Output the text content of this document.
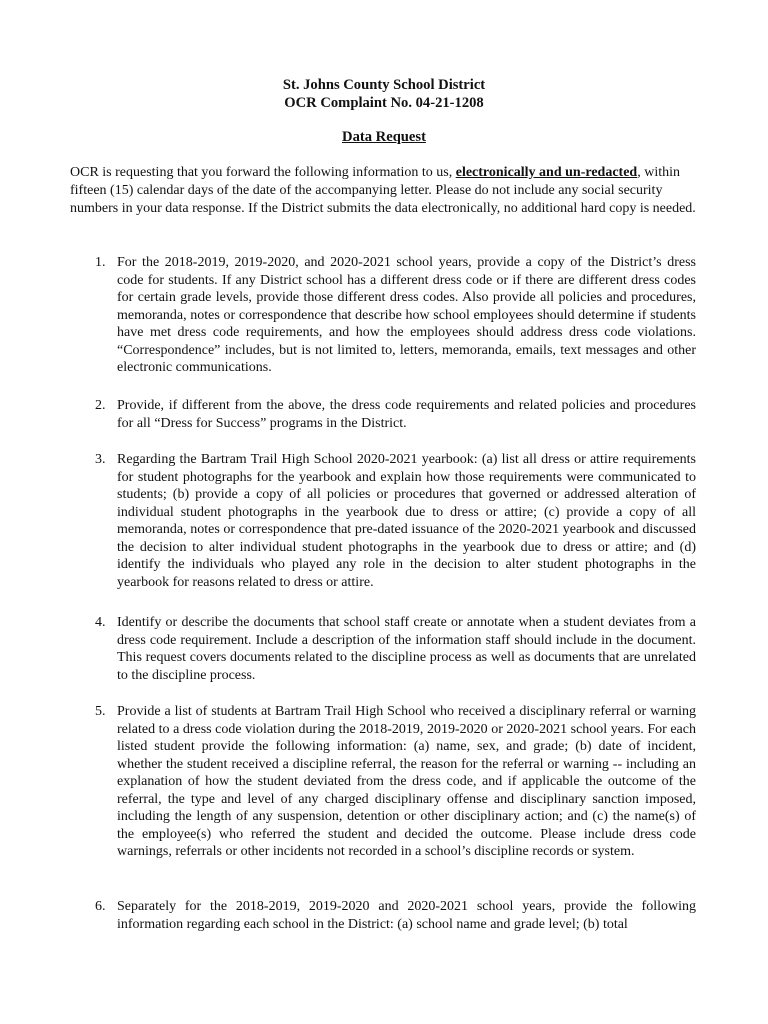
St. Johns County School District
OCR Complaint No. 04-21-1208
Data Request
OCR is requesting that you forward the following information to us, electronically and un-redacted, within fifteen (15) calendar days of the date of the accompanying letter. Please do not include any social security numbers in your data response. If the District submits the data electronically, no additional hard copy is needed.
1. For the 2018-2019, 2019-2020, and 2020-2021 school years, provide a copy of the District’s dress code for students. If any District school has a different dress code or if there are different dress codes for certain grade levels, provide those different dress codes. Also provide all policies and procedures, memoranda, notes or correspondence that describe how school employees should determine if students have met dress code requirements, and how the employees should address dress code violations. “Correspondence” includes, but is not limited to, letters, memoranda, emails, text messages and other electronic communications.
2. Provide, if different from the above, the dress code requirements and related policies and procedures for all “Dress for Success” programs in the District.
3. Regarding the Bartram Trail High School 2020-2021 yearbook: (a) list all dress or attire requirements for student photographs for the yearbook and explain how those requirements were communicated to students; (b) provide a copy of all policies or procedures that governed or addressed alteration of individual student photographs in the yearbook due to dress or attire; (c) provide a copy of all memoranda, notes or correspondence that pre-dated issuance of the 2020-2021 yearbook and discussed the decision to alter individual student photographs in the yearbook due to dress or attire; and (d) identify the individuals who played any role in the decision to alter student photographs in the yearbook for reasons related to dress or attire.
4. Identify or describe the documents that school staff create or annotate when a student deviates from a dress code requirement. Include a description of the information staff should include in the document. This request covers documents related to the discipline process as well as documents that are unrelated to the discipline process.
5. Provide a list of students at Bartram Trail High School who received a disciplinary referral or warning related to a dress code violation during the 2018-2019, 2019-2020 or 2020-2021 school years. For each listed student provide the following information: (a) name, sex, and grade; (b) date of incident, whether the student received a discipline referral, the reason for the referral or warning -- including an explanation of how the student deviated from the dress code, and if applicable the outcome of the referral, the type and level of any charged disciplinary offense and disciplinary sanction imposed, including the length of any suspension, detention or other disciplinary action; and (c) the name(s) of the employee(s) who referred the student and decided the outcome. Please include dress code warnings, referrals or other incidents not recorded in a school’s discipline records or system.
6. Separately for the 2018-2019, 2019-2020 and 2020-2021 school years, provide the following information regarding each school in the District: (a) school name and grade level; (b) total
